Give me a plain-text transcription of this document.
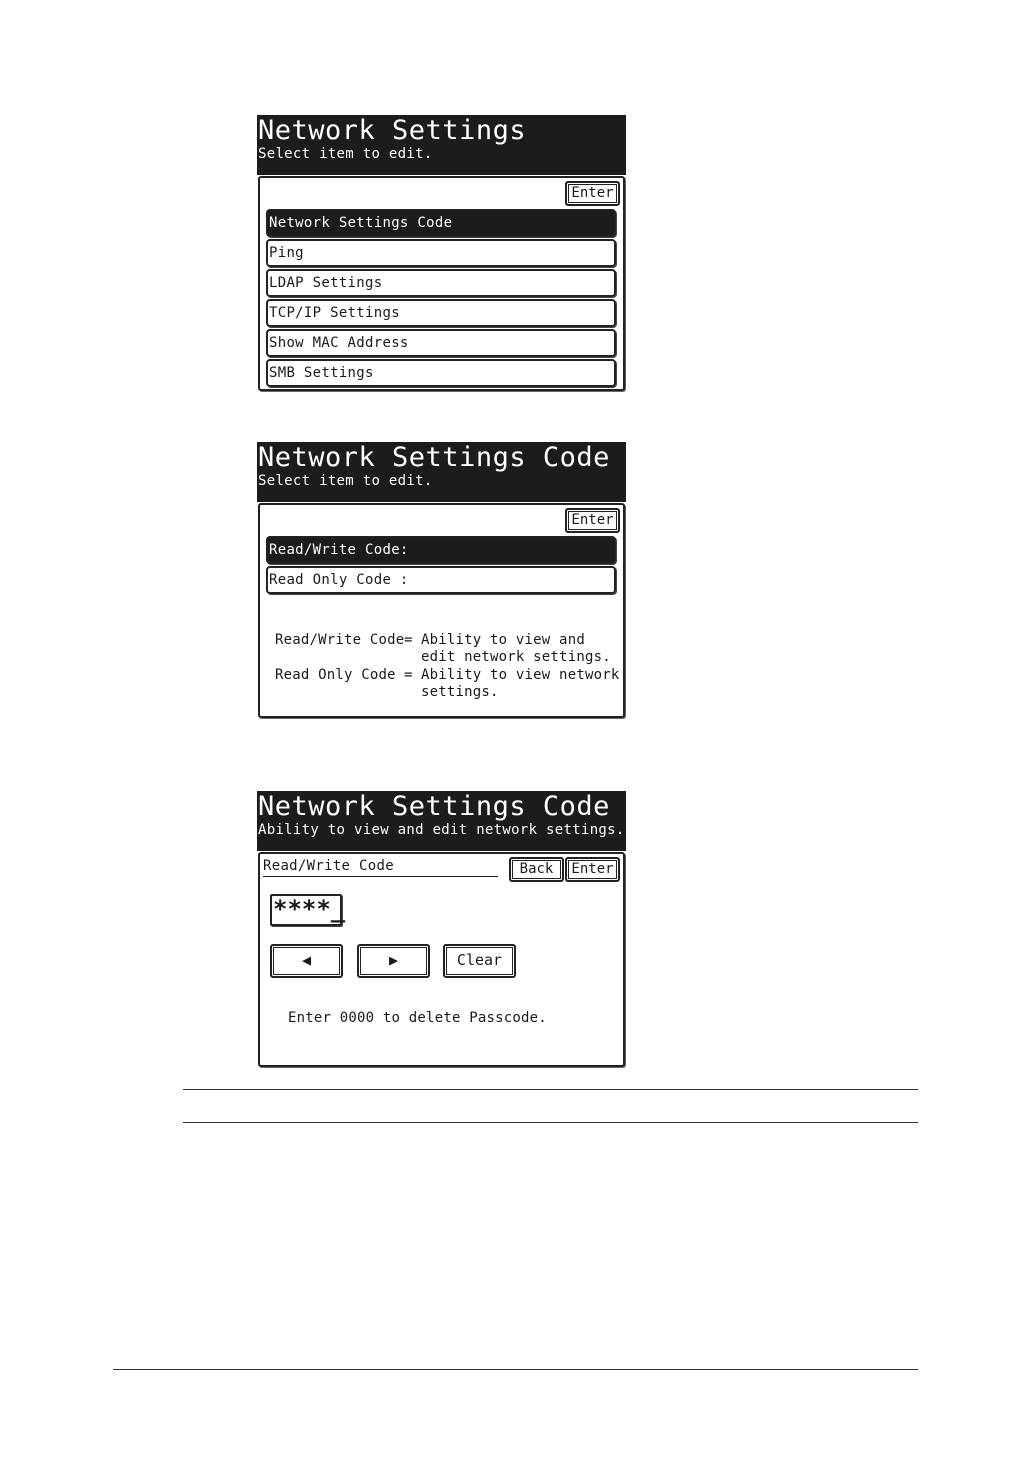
Network Settings
Select item to edit.
Enter
Network Settings Code
Ping
LDAP Settings
TCP/IP Settings
Show MAC Address
SMB Settings
Network Settings Code
Select item to edit.
Enter
Read/Write Code:
Read Only Code :
Read/Write Code = Ability to view and
edit network settings.
Read Only Code = Ability to view network
settings.
Network Settings Code
Ability to view and edit network settings.
Read/Write Code	Back	Enter
****_
◀	▶	Clear
Enter 0000 to delete Passcode.
